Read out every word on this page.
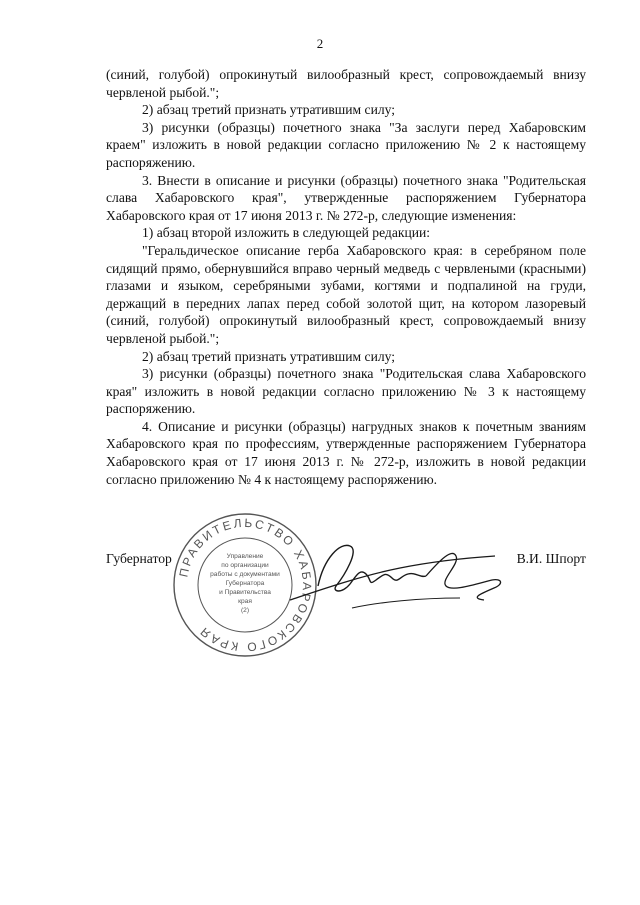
2

(синий, голубой) опрокинутый вилообразный крест, сопровождаемый внизу червленой рыбой.";

2) абзац третий признать утратившим силу;

3) рисунки (образцы) почетного знака "За заслуги перед Хабаровским краем" изложить в новой редакции согласно приложению № 2 к настоящему распоряжению.

3. Внести в описание и рисунки (образцы) почетного знака "Родительская слава Хабаровского края", утвержденные распоряжением Губернатора Хабаровского края от 17 июня 2013 г. № 272-р, следующие изменения:

1) абзац второй изложить в следующей редакции:

"Геральдическое описание герба Хабаровского края: в серебряном поле сидящий прямо, обернувшийся вправо черный медведь с червлеными (красными) глазами и языком, серебряными зубами, когтями и подпалиной на груди, держащий в передних лапах перед собой золотой щит, на котором лазоревый (синий, голубой) опрокинутый вилообразный крест, сопровождаемый внизу червленой рыбой.";

2) абзац третий признать утратившим силу;

3) рисунки (образцы) почетного знака "Родительская слава Хабаровского края" изложить в новой редакции согласно приложению № 3 к настоящему распоряжению.

4. Описание и рисунки (образцы) нагрудных знаков к почетным званиям Хабаровского края по профессиям, утвержденные распоряжением Губернатора Хабаровского края от 17 июня 2013 г. № 272-р, изложить в новой редакции согласно приложению № 4 к настоящему распоряжению.

Губернатор	В.И. Шпорт
ПРАВИТЕЛЬСТВО ХАБАРОВСКОГО КРАЯ
Управление
по организации
работы с документами
Губернатора
и Правительства
края
(2)
